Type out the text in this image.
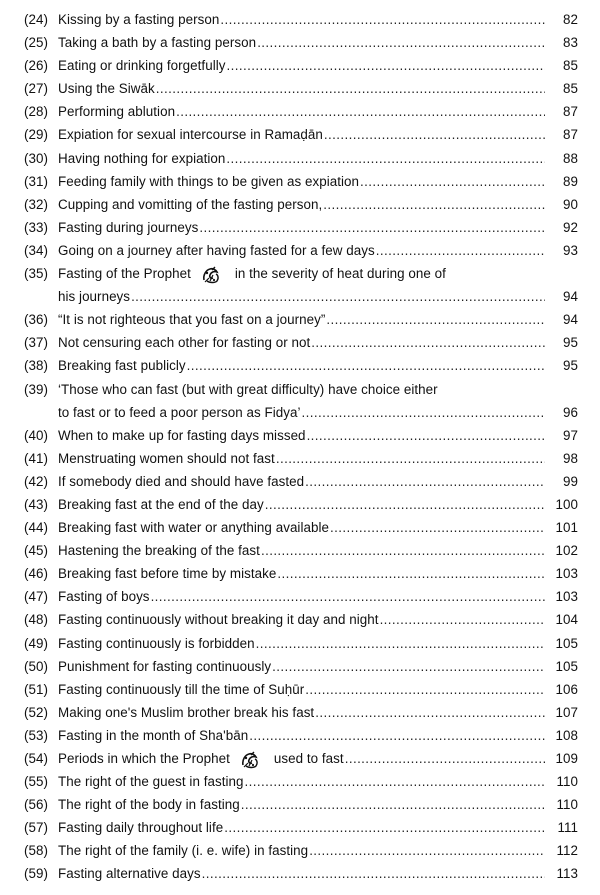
(24) Kissing by a fasting person .....	82
(25) Taking a bath by a fasting person .....	83
(26) Eating or drinking forgetfully .....	85
(27) Using the Siwāk .....	85
(28) Performing ablution .....	87
(29) Expiation for sexual intercourse in Ramaḍān .....	87
(30) Having nothing for expiation .....	88
(31) Feeding family with things to be given as expiation .....	89
(32) Cupping and vomitting of the fasting person, .....	90
(33) Fasting during journeys .....	92
(34) Going on a journey after having fasted for a few days .....	93
(35) Fasting of the Prophet	in the severity of heat during one of
his journeys .....	94
(36) “It is not righteous that you fast on a journey” .....	94
(37) Not censuring each other for fasting or not .....	95
(38) Breaking fast publicly .....	95
(39) ‘Those who can fast (but with great difficulty) have choice either
to fast or to feed a poor person as Fidya’ .....	96
(40) When to make up for fasting days missed .....	97
(41) Menstruating women should not fast .....	98
(42) If somebody died and should have fasted .....	99
(43) Breaking fast at the end of the day .....	100
(44) Breaking fast with water or anything available .....	101
(45) Hastening the breaking of the fast .....	102
(46) Breaking fast before time by mistake .....	103
(47) Fasting of boys .....	103
(48) Fasting continuously without breaking it day and night .....	104
(49) Fasting continuously is forbidden .....	105
(50) Punishment for fasting continuously .....	105
(51) Fasting continuously till the time of Suḥūr .....	106
(52) Making one's Muslim brother break his fast .....	107
(53) Fasting in the month of Sha'bān .....	108
(54) Periods in which the Prophet	used to fast .....	109
(55) The right of the guest in fasting .....	110
(56) The right of the body in fasting .....	110
(57) Fasting daily throughout life .....	111
(58) The right of the family (i. e. wife) in fasting .....	112
(59) Fasting alternative days .....	113
